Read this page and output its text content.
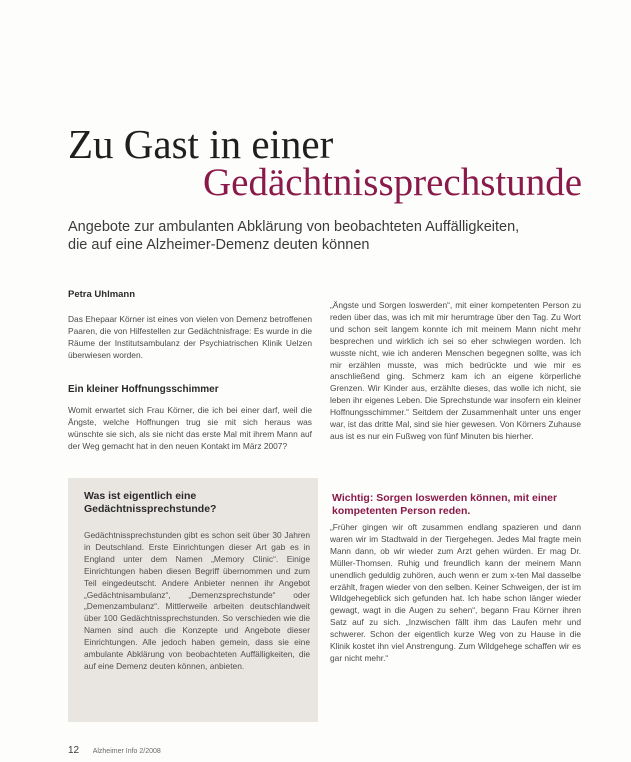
Zu Gast in einer
Gedächtnissprechstunde
Angebote zur ambulanten Abklärung von beobachteten Auffälligkeiten, die auf eine Alzheimer-Demenz deuten können
Petra Uhlmann

Das Ehepaar Körner ist eines von vielen von Demenz betroffenen Paaren, die von Hilfestellen zur Gedächtnisfrage: Es wurde in die Räume der Institutsambulanz der Psychiatrischen Klinik Uelzen überwiesen worden.

Ein kleiner Hoffnungsschimmer

Womit erwartet sich Frau Körner, die ich bei einer darf, weil die Ängste, welche Hoffnungen trug sie mit sich heraus was wünschte sie sich, als sie nicht das erste Mal mit ihrem Mann auf der Weg gemacht hat in den neuen Kontakt im März 2007?

Was ist eigentlich eine Gedächtnissprechstunde?

Gedächtnissprechstunden gibt es schon seit über 30 Jahren in Deutschland. Erste Einrichtungen dieser Art gab es in England unter dem Namen „Memory Clinic“. Einige Einrichtungen haben diesen Begriff übernommen und zum Teil eingedeutscht. Andere Anbieter nennen ihr Angebot „Gedächtnisambulanz“, „Demenzsprechstunde“ oder „Demenzambulanz“. Mittlerweile arbeiten deutschlandweit über 100 Gedächtnissprechstunden. So verschieden wie die Namen sind auch die Konzepte und Angebote dieser Einrichtungen. Alle jedoch haben gemein, dass sie eine ambulante Abklärung von beobachteten Auffälligkeiten, die auf eine Demenz deuten können, anbieten.

„Ängste und Sorgen loswerden“, mit einer kompetenten Person zu reden über das, was ich mit mir herumtrage über den Tag. Zu Wort und schon seit langem konnte ich mit meinem Mann nicht mehr besprechen und wirklich ich sei so eher schwiegen worden. Ich wusste nicht, wie ich anderen Menschen begegnen sollte, was ich mir erzählen musste, was mich bedrückte und wie mir es anschließend ging. Schmerz kam ich an eigene körperliche Grenzen. Wir Kinder aus, erzählte dieses, das wolle ich nicht, sie leben ihr eigenes Leben. Die Sprechstunde war insofern ein kleiner Hoffnungsschimmer.“ Seitdem der Zusammenhalt unter uns enger war, ist das dritte Mal, sind sie hier gewesen. Von Körners Zuhause aus ist es nur ein Fußweg von fünf Minuten bis hierher.

Wichtig: Sorgen loswerden können, mit einer kompetenten Person reden.

„Früher gingen wir oft zusammen endlang spazieren und dann waren wir im Stadtwald in der Tiergehegen. Jedes Mal fragte mein Mann dann, ob wir wieder zum Arzt gehen würden. Er mag Dr. Müller-Thomsen. Ruhig und freundlich kann der meinem Mann unendlich geduldig zuhören, auch wenn er zum x-ten Mal dasselbe erzählt, fragen wieder von den selben. Keiner Schweigen, der ist im Wildgehegeblick sich gefunden hat. Ich habe schon länger wieder gewagt, wagt in die Augen zu sehen“, begann Frau Körner ihren Satz auf zu sich. „Inzwischen fällt ihm das Laufen mehr und schwerer. Schon der eigentlich kurze Weg von zu Hause in die Klinik kostet ihn viel Anstrengung. Zum Wildgehege schaffen wir es gar nicht mehr.“

12 Alzheimer Info 2/2008
